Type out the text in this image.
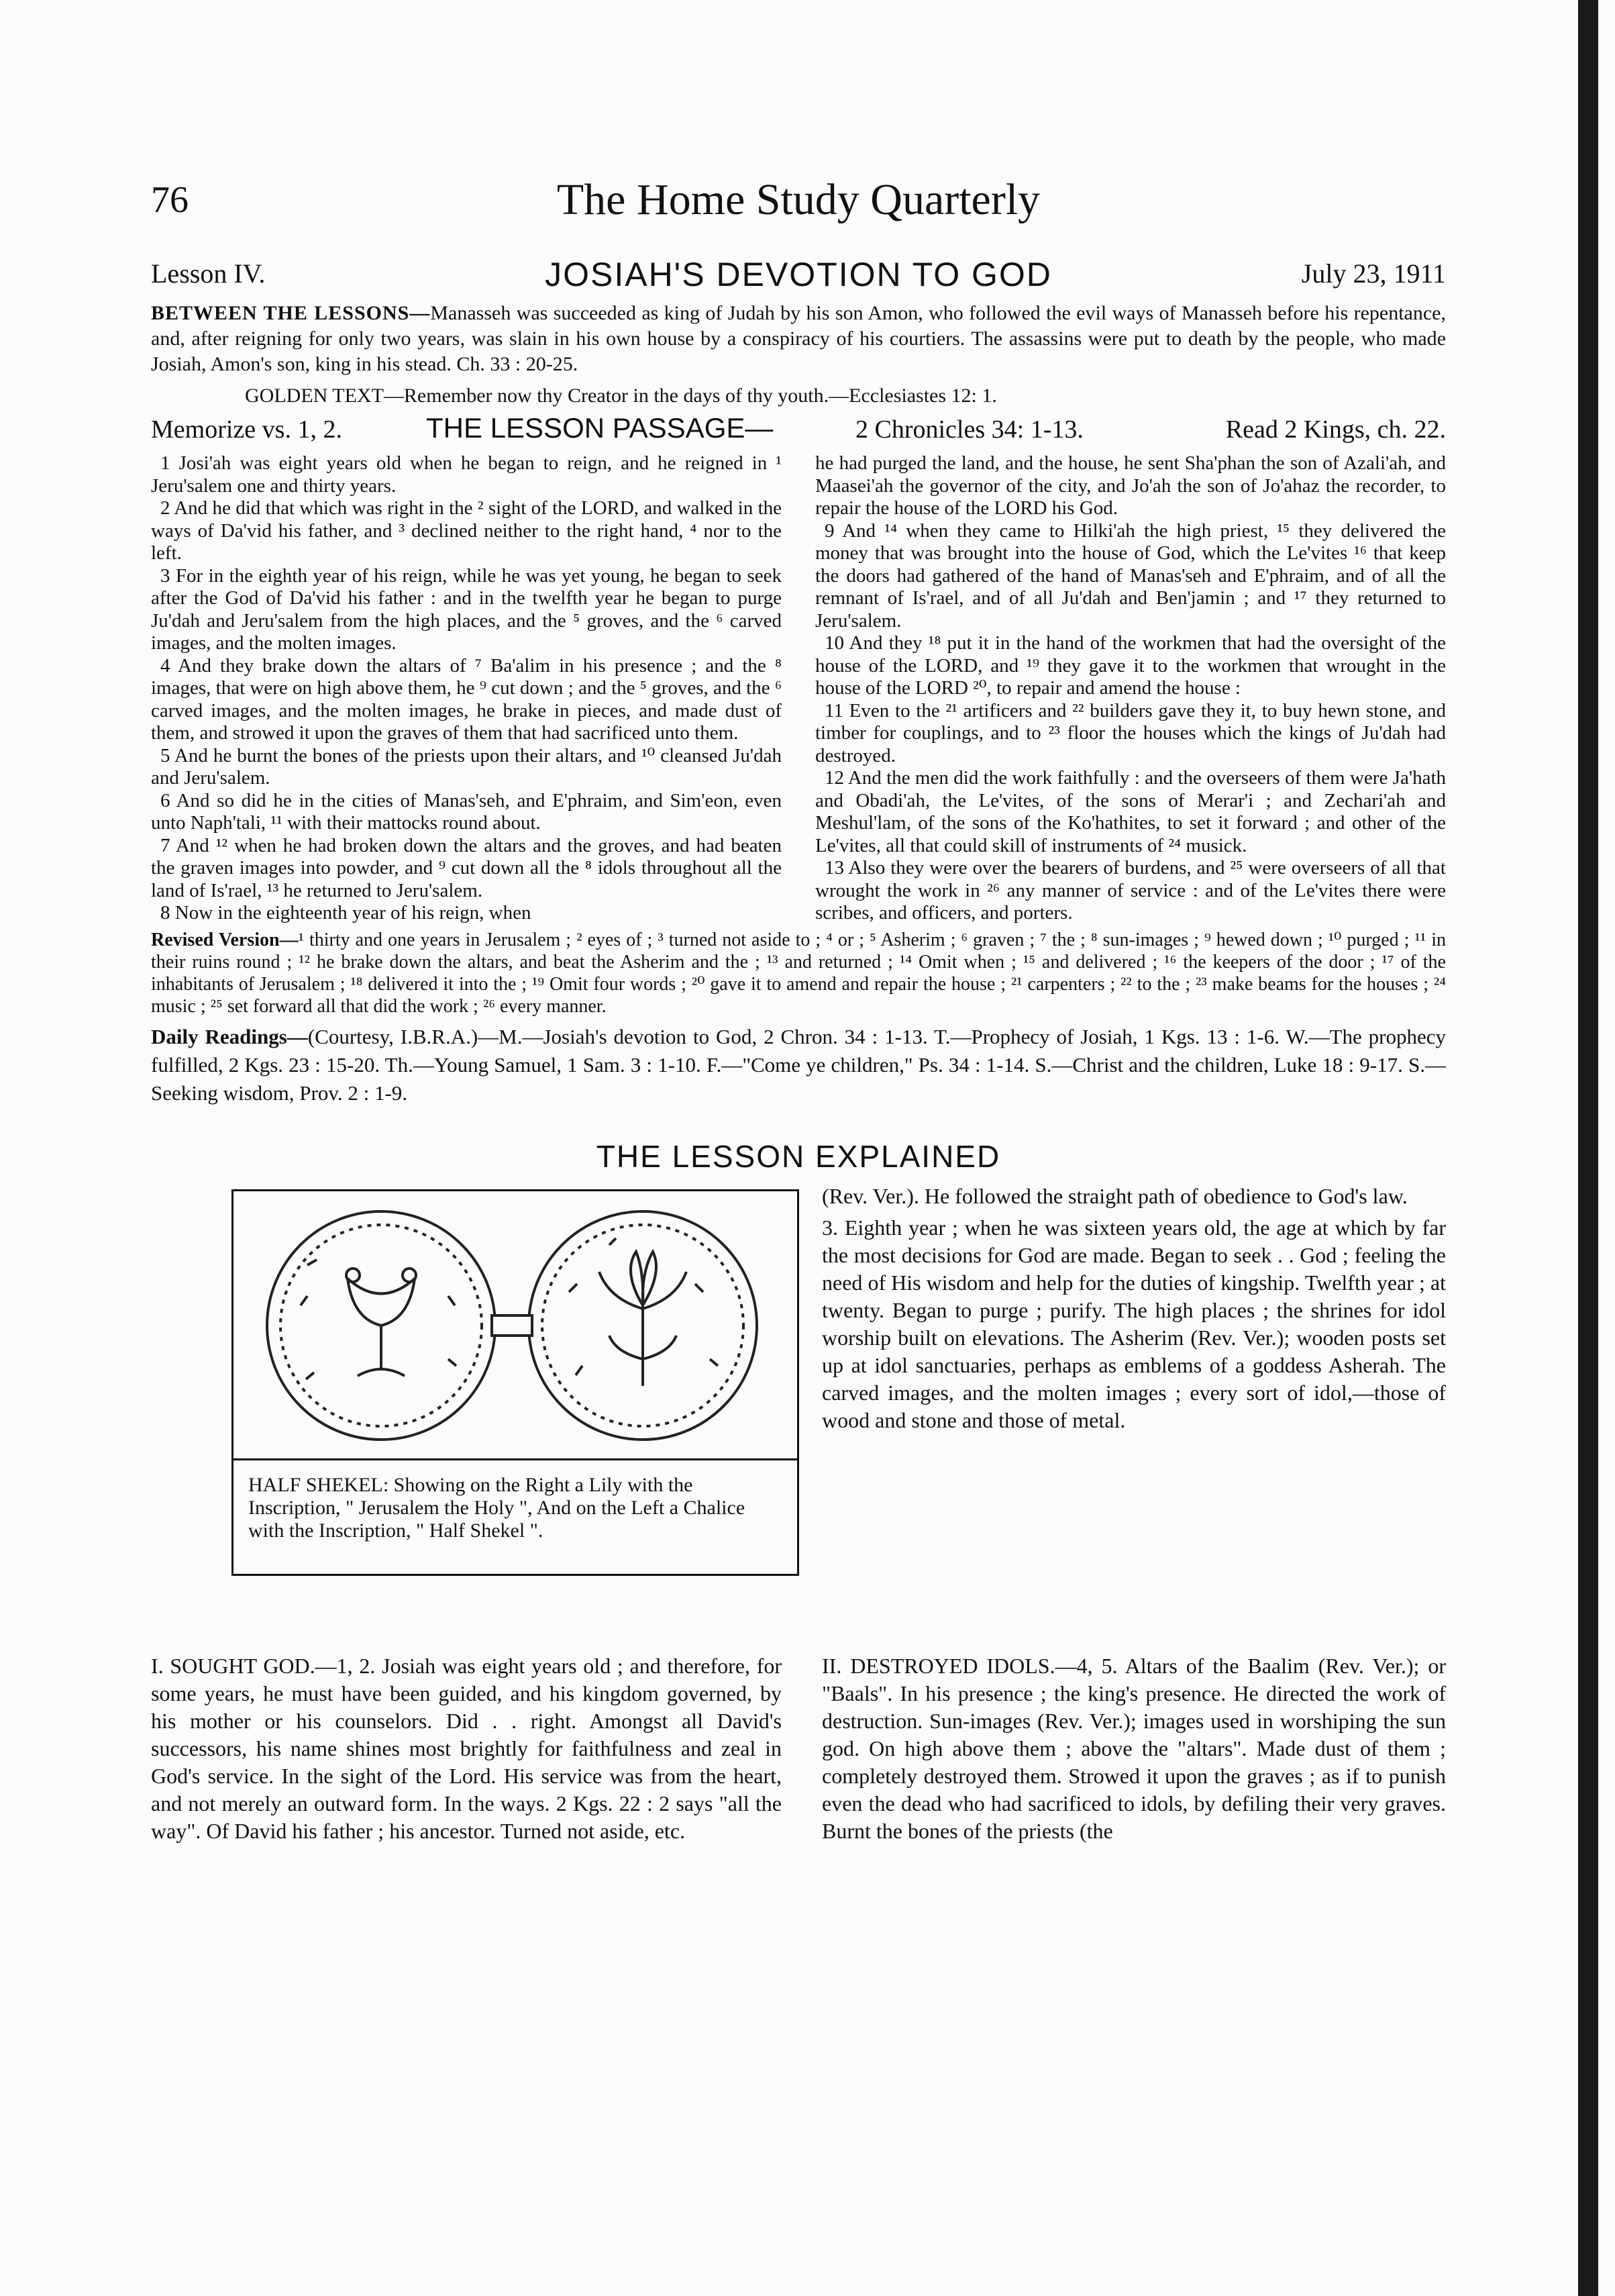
76	The Home Study Quarterly
Lesson IV.	JOSIAH'S DEVOTION TO GOD	July 23, 1911
BETWEEN THE LESSONS—Manasseh was succeeded as king of Judah by his son Amon, who followed the evil ways of Manasseh before his repentance, and, after reigning for only two years, was slain in his own house by a conspiracy of his courtiers. The assassins were put to death by the people, who made Josiah, Amon's son, king in his stead. Ch. 33 : 20-25.
GOLDEN TEXT—Remember now thy Creator in the days of thy youth.—Ecclesiastes 12: 1.
Memorize vs. 1, 2.	THE LESSON PASSAGE—	2 Chronicles 34: 1-13.	Read 2 Kings, ch. 22.

1 Josi'ah was eight years old when he began to reign, and he reigned in ¹ Jeru'salem one and thirty years.

2 And he did that which was right in the ² sight of the LORD, and walked in the ways of Da'vid his father, and ³ declined neither to the right hand, ⁴ nor to the left.

3 For in the eighth year of his reign, while he was yet young, he began to seek after the God of Da'vid his father : and in the twelfth year he began to purge Ju'dah and Jeru'salem from the high places, and the ⁵ groves, and the ⁶ carved images, and the molten images.

4 And they brake down the altars of ⁷ Ba'alim in his presence ; and the ⁸ images, that were on high above them, he ⁹ cut down ; and the ⁵ groves, and the ⁶ carved images, and the molten images, he brake in pieces, and made dust of them, and strowed it upon the graves of them that had sacrificed unto them.

5 And he burnt the bones of the priests upon their altars, and ¹⁰ cleansed Ju'dah and Jeru'salem.

6 And so did he in the cities of Manas'seh, and E'phraim, and Sim'eon, even unto Naph'tali, ¹¹ with their mattocks round about.

7 And ¹² when he had broken down the altars and the groves, and had beaten the graven images into powder, and ⁹ cut down all the ⁸ idols throughout all the land of Is'rael, ¹³ he returned to Jeru'salem.

8 Now in the eighteenth year of his reign, when

he had purged the land, and the house, he sent Sha'phan the son of Azali'ah, and Maasei'ah the governor of the city, and Jo'ah the son of Jo'ahaz the recorder, to repair the house of the LORD his God.

9 And ¹⁴ when they came to Hilki'ah the high priest, ¹⁵ they delivered the money that was brought into the house of God, which the Le'vites ¹⁶ that keep the doors had gathered of the hand of Manas'seh and E'phraim, and of all the remnant of Is'rael, and of all Ju'dah and Ben'jamin ; and ¹⁷ they returned to Jeru'salem.

10 And they ¹⁸ put it in the hand of the workmen that had the oversight of the house of the LORD, and ¹⁹ they gave it to the workmen that wrought in the house of the LORD ²⁰, to repair and amend the house :

11 Even to the ²¹ artificers and ²² builders gave they it, to buy hewn stone, and timber for couplings, and to ²³ floor the houses which the kings of Ju'dah had destroyed.

12 And the men did the work faithfully : and the overseers of them were Ja'hath and Obadi'ah, the Le'vites, of the sons of Merar'i ; and Zechari'ah and Meshul'lam, of the sons of the Ko'hathites, to set it forward ; and other of the Le'vites, all that could skill of instruments of ²⁴ musick.

13 Also they were over the bearers of burdens, and ²⁵ were overseers of all that wrought the work in ²⁶ any manner of service : and of the Le'vites there were scribes, and officers, and porters.

Revised Version—¹ thirty and one years in Jerusalem ; ² eyes of ; ³ turned not aside to ; ⁴ or ; ⁵ Asherim ; ⁶ graven ; ⁷ the ; ⁸ sun-images ; ⁹ hewed down ; ¹⁰ purged ; ¹¹ in their ruins round ; ¹² he brake down the altars, and beat the Asherim and the ; ¹³ and returned ; ¹⁴ Omit when ; ¹⁵ and delivered ; ¹⁶ the keepers of the door ; ¹⁷ of the inhabitants of Jerusalem ; ¹⁸ delivered it into the ; ¹⁹ Omit four words ; ²⁰ gave it to amend and repair the house ; ²¹ carpenters ; ²² to the ; ²³ make beams for the houses ; ²⁴ music ; ²⁵ set forward all that did the work ; ²⁶ every manner.
Daily Readings—(Courtesy, I.B.R.A.)—M.—Josiah's devotion to God, 2 Chron. 34 : 1-13. T.—Prophecy of Josiah, 1 Kgs. 13 : 1-6. W.—The prophecy fulfilled, 2 Kgs. 23 : 15-20. Th.—Young Samuel, 1 Sam. 3 : 1-10. F.—"Come ye children," Ps. 34 : 1-14. S.—Christ and the children, Luke 18 : 9-17. S.—Seeking wisdom, Prov. 2 : 1-9.
THE LESSON EXPLAINED
HALF SHEKEL: Showing on the Right a Lily with the Inscription, " Jerusalem the Holy ", And on the Left a Chalice with the Inscription, " Half Shekel ".

(Rev. Ver.). He followed the straight path of obedience to God's law.

3. Eighth year ; when he was sixteen years old, the age at which by far the most decisions for God are made. Began to seek . . God ; feeling the need of His wisdom and help for the duties of kingship. Twelfth year ; at twenty. Began to purge ; purify. The high places ; the shrines for idol worship built on elevations. The Asherim (Rev. Ver.); wooden posts set up at idol sanctuaries, perhaps as emblems of a goddess Asherah. The carved images, and the molten images ; every sort of idol,—those of wood and stone and those of metal.

I. SOUGHT GOD.—1, 2. Josiah was eight years old ; and therefore, for some years, he must have been guided, and his kingdom governed, by his mother or his counselors. Did . . right. Amongst all David's successors, his name shines most brightly for faithfulness and zeal in God's service. In the sight of the Lord. His service was from the heart, and not merely an outward form. In the ways. 2 Kgs. 22 : 2 says "all the way". Of David his father ; his ancestor. Turned not aside, etc.
II. DESTROYED IDOLS.—4, 5. Altars of the Baalim (Rev. Ver.); or "Baals". In his presence ; the king's presence. He directed the work of destruction. Sun-images (Rev. Ver.); images used in worshiping the sun god. On high above them ; above the "altars". Made dust of them ; completely destroyed them. Strowed it upon the graves ; as if to punish even the dead who had sacrificed to idols, by defiling their very graves. Burnt the bones of the priests (the
